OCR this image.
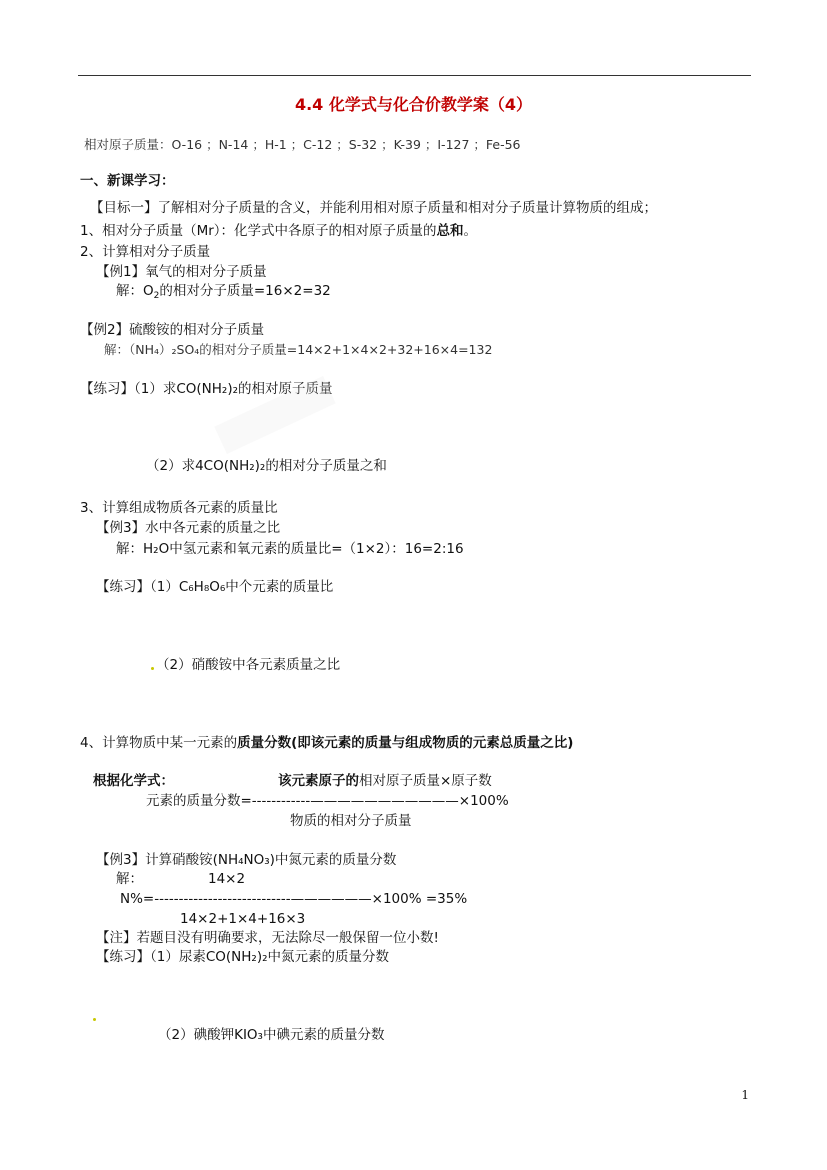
4.4 化学式与化合价教学案（4）
相对原子质量：O-16 ；N-14 ；H-1 ；C-12 ；S-32 ；K-39 ；I-127 ；Fe-56
一、新课学习：
【目标一】了解相对分子质量的含义，并能利用相对原子质量和相对分子质量计算物质的组成；
1、相对分子质量（Mr）：化学式中各原子的相对原子质量的总和。
2、计算相对分子质量
【例1】氧气的相对分子质量
解：$O_2$的相对分子质量=16×2=32
【例2】硫酸铵的相对分子质量
解：（NH₄）₂SO₄的相对分子质量=14×2+1×4×2+32+16×4=132
【练习】（1）求CO(NH₂)₂的相对原子质量
（2）求4CO(NH₂)₂的相对分子质量之和
3、计算组成物质各元素的质量比
【例3】水中各元素的质量之比
解：H₂O中氢元素和氧元素的质量比=（1×2）：16=2:16
【练习】（1）C₆H₈O₆中个元素的质量比
（2）硝酸铵中各元素质量之比
4、计算物质中某一元素的质量分数(即该元素的质量与组成物质的元素总质量之比)
根据化学式：	该元素原子的相对原子质量×原子数
元素的质量分数=------------———————————×100%
物质的相对分子质量
【例3】计算硝酸铵(NH₄NO₃)中氮元素的质量分数
解：	14×2
N%=----------------------------——————×100% =35%
14×2+1×4+16×3
【注】若题目没有明确要求，无法除尽一般保留一位小数!
【练习】（1）尿素CO(NH₂)₂中氮元素的质量分数
（2）碘酸钾KIO₃中碘元素的质量分数
1
